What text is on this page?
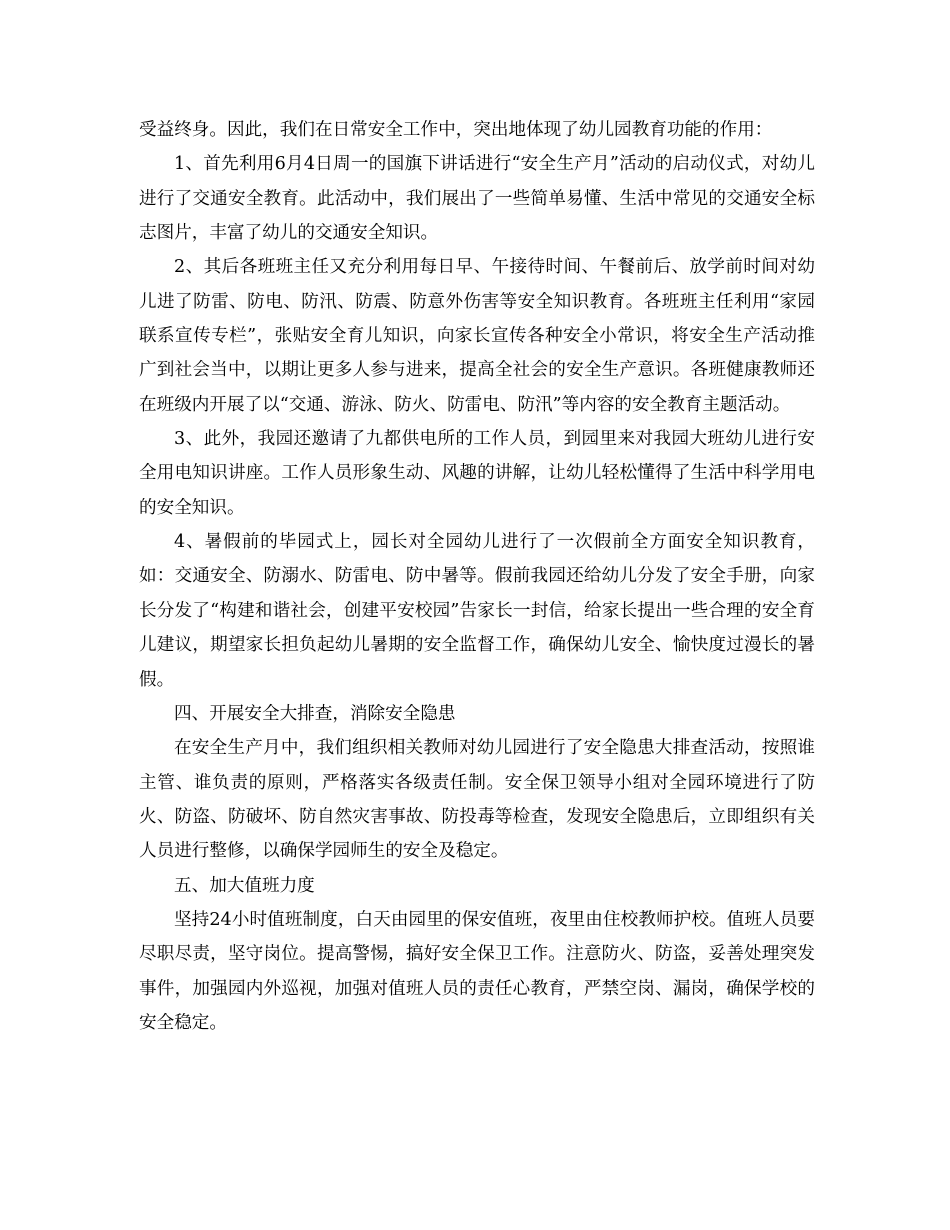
受益终身。因此，我们在日常安全工作中，突出地体现了幼儿园教育功能的作用：

1、首先利用6月4日周一的国旗下讲话进行“安全生产月”活动的启动仪式，对幼儿进行了交通安全教育。此活动中，我们展出了一些简单易懂、生活中常见的交通安全标志图片，丰富了幼儿的交通安全知识。

2、其后各班班主任又充分利用每日早、午接待时间、午餐前后、放学前时间对幼儿进了防雷、防电、防汛、防震、防意外伤害等安全知识教育。各班班主任利用“家园联系宣传专栏”，张贴安全育儿知识，向家长宣传各种安全小常识，将安全生产活动推广到社会当中，以期让更多人参与进来，提高全社会的安全生产意识。各班健康教师还在班级内开展了以“交通、游泳、防火、防雷电、防汛”等内容的安全教育主题活动。

3、此外，我园还邀请了九都供电所的工作人员，到园里来对我园大班幼儿进行安全用电知识讲座。工作人员形象生动、风趣的讲解，让幼儿轻松懂得了生活中科学用电的安全知识。

4、暑假前的毕园式上，园长对全园幼儿进行了一次假前全方面安全知识教育，如：交通安全、防溺水、防雷电、防中暑等。假前我园还给幼儿分发了安全手册，向家长分发了“构建和谐社会，创建平安校园”告家长一封信，给家长提出一些合理的安全育儿建议，期望家长担负起幼儿暑期的安全监督工作，确保幼儿安全、愉快度过漫长的暑假。

四、开展安全大排查，消除安全隐患

在安全生产月中，我们组织相关教师对幼儿园进行了安全隐患大排查活动，按照谁主管、谁负责的原则，严格落实各级责任制。安全保卫领导小组对全园环境进行了防火、防盗、防破坏、防自然灾害事故、防投毒等检查，发现安全隐患后，立即组织有关人员进行整修，以确保学园师生的安全及稳定。

五、加大值班力度

坚持24小时值班制度，白天由园里的保安值班，夜里由住校教师护校。值班人员要尽职尽责，坚守岗位。提高警惕，搞好安全保卫工作。注意防火、防盗，妥善处理突发事件，加强园内外巡视，加强对值班人员的责任心教育，严禁空岗、漏岗，确保学校的安全稳定。
